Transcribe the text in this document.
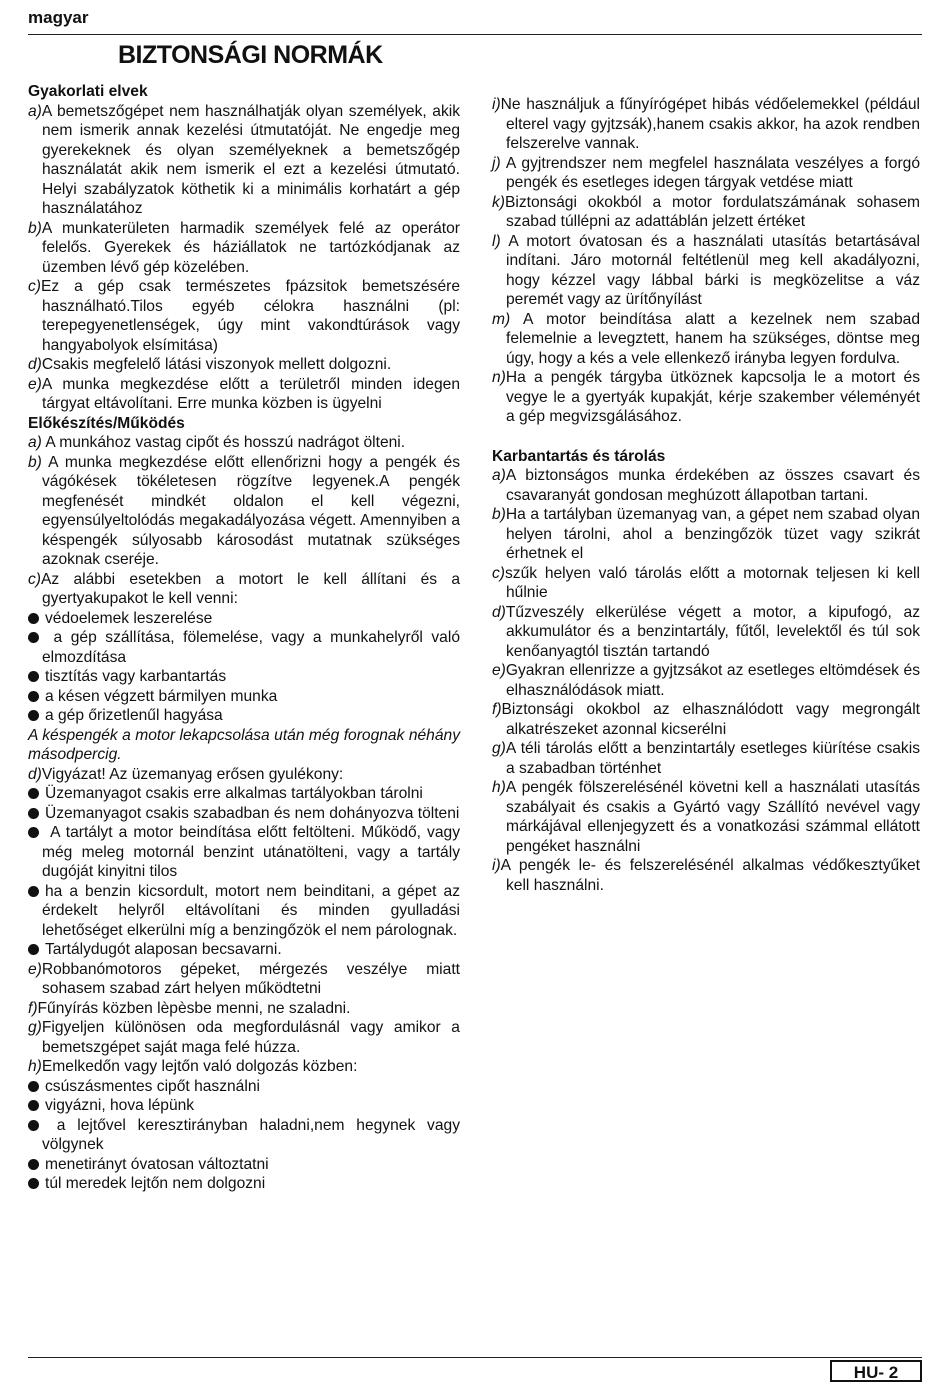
magyar
BIZTONSÁGI NORMÁK

Gyakorlati elvek

a)A bemetszőgépet nem használhatják olyan személyek, akik nem ismerik annak kezelési útmutatóját. Ne engedje meg gyerekeknek és olyan személyeknek a bemetszőgép használatát akik nem ismerik el ezt a kezelési útmutató. Helyi szabályzatok köthetik ki a minimális korhatárt a gép használatához

b)A munkaterületen harmadik személyek felé az operátor felelős. Gyerekek és háziállatok ne tartózkódjanak az üzemben lévő gép közelében.

c)Ez a gép csak természetes fpázsitok bemetszésére használható.Tilos egyéb célokra használni (pl: terepegyenetlenségek, úgy mint vakondtúrások vagy hangyabolyok elsímitása)

d)Csakis megfelelő látási viszonyok mellett dolgozni.

e)A munka megkezdése előtt a területről minden idegen tárgyat eltávolítani. Erre munka közben is ügyelni

Előkészítés/Működés

a) A munkához vastag cipőt és hosszú nadrágot ölteni.

b) A munka megkezdése előtt ellenőrizni hogy a pengék és vágókések tökéletesen rögzítve legyenek.A pengék megfenését mindkét oldalon el kell végezni, egyensúlyeltolódás megakadályozása végett. Amennyiben a késpengék súlyosabb károsodást mutatnak szükséges azoknak cseréje.

c)Az alábbi esetekben a motort le kell állítani és a gyertyakupakot le kell venni:

védoelemek leszerelése

a gép szállítása, fölemelése, vagy a munkahelyről való elmozdítása

tisztítás vagy karbantartás

a késen végzett bármilyen munka

a gép őrizetlenűl hagyása

A késpengék a motor lekapcsolása után még forognak néhány másodpercig.

d)Vigyázat! Az üzemanyag erősen gyulékony:

Üzemanyagot csakis erre alkalmas tartályokban tárolni

Üzemanyagot csakis szabadban és nem dohányozva tölteni

A tartályt a motor beindítása előtt feltölteni. Működő, vagy még meleg motornál benzint utánatölteni, vagy a tartály dugóját kinyitni tilos

ha a benzin kicsordult, motort nem beinditani, a gépet az érdekelt helyről eltávolítani és minden gyulladási lehetőséget elkerülni míg a benzingőzök el nem párolognak.

Tartálydugót alaposan becsavarni.

e)Robbanómotoros gépeket, mérgezés veszélye miatt sohasem szabad zárt helyen működtetni

f)Fűnyírás közben lèpèsbe menni, ne szaladni.

g)Figyeljen különösen oda megfordulásnál vagy amikor a bemetszgépet saját maga felé húzza.

h)Emelkedőn vagy lejtőn való dolgozás közben:

csúszásmentes cipőt használni

vigyázni, hova lépünk

a lejtővel keresztirányban haladni,nem hegynek vagy völgynek

menetirányt óvatosan változtatni

túl meredek lejtőn nem dolgozni

i)Ne használjuk a fűnyírógépet hibás védőelemekkel (például elterel vagy gyjtzsák),hanem csakis akkor, ha azok rendben felszerelve vannak.

j) A gyjtrendszer nem megfelel használata veszélyes a forgó pengék és esetleges idegen tárgyak vetdése miatt

k)Biztonsági okokból a motor fordulatszámának sohasem szabad túllépni az adattáblán jelzett értéket

l) A motort óvatosan és a használati utasítás betartásával indítani. Járo motornál feltétlenül meg kell akadályozni, hogy kézzel vagy lábbal bárki is megközelitse a váz peremét vagy az ürítőnyílást

m) A motor beindítása alatt a kezelnek nem szabad felemelnie a levegztett, hanem ha szükséges, döntse meg úgy, hogy a kés a vele ellenkező irányba legyen fordulva.

n)Ha a pengék tárgyba ütköznek kapcsolja le a motort és vegye le a gyertyák kupakját, kérje szakember véleményét a gép megvizsgálásához.

Karbantartás és tárolás

a)A biztonságos munka érdekében az összes csavart és csavaranyát gondosan meghúzott állapotban tartani.

b)Ha a tartályban üzemanyag van, a gépet nem szabad olyan helyen tárolni, ahol a benzingőzök tüzet vagy szikrát érhetnek el

c)szűk helyen való tárolás előtt a motornak teljesen ki kell hűlnie

d)Tűzveszély elkerülése végett a motor, a kipufogó, az akkumulátor és a benzintartály, fűtől, levelektől és túl sok kenőanyagtól tisztán tartandó

e)Gyakran ellenrizze a gyjtzsákot az esetleges eltömdések és elhasználódások miatt.

f)Biztonsági okokbol az elhasználódott vagy megrongált alkatrészeket azonnal kicserélni

g)A téli tárolás előtt a benzintartály esetleges kiürítése csakis a szabadban történhet

h)A pengék fölszerelésénél követni kell a használati utasítás szabályait és csakis a Gyártó vagy Szállító nevével vagy márkájával ellenjegyzett és a vonatkozási számmal ellátott pengéket használni

i)A pengék le- és felszerelésénél alkalmas védőkesztyűket kell használni.

HU- 2
